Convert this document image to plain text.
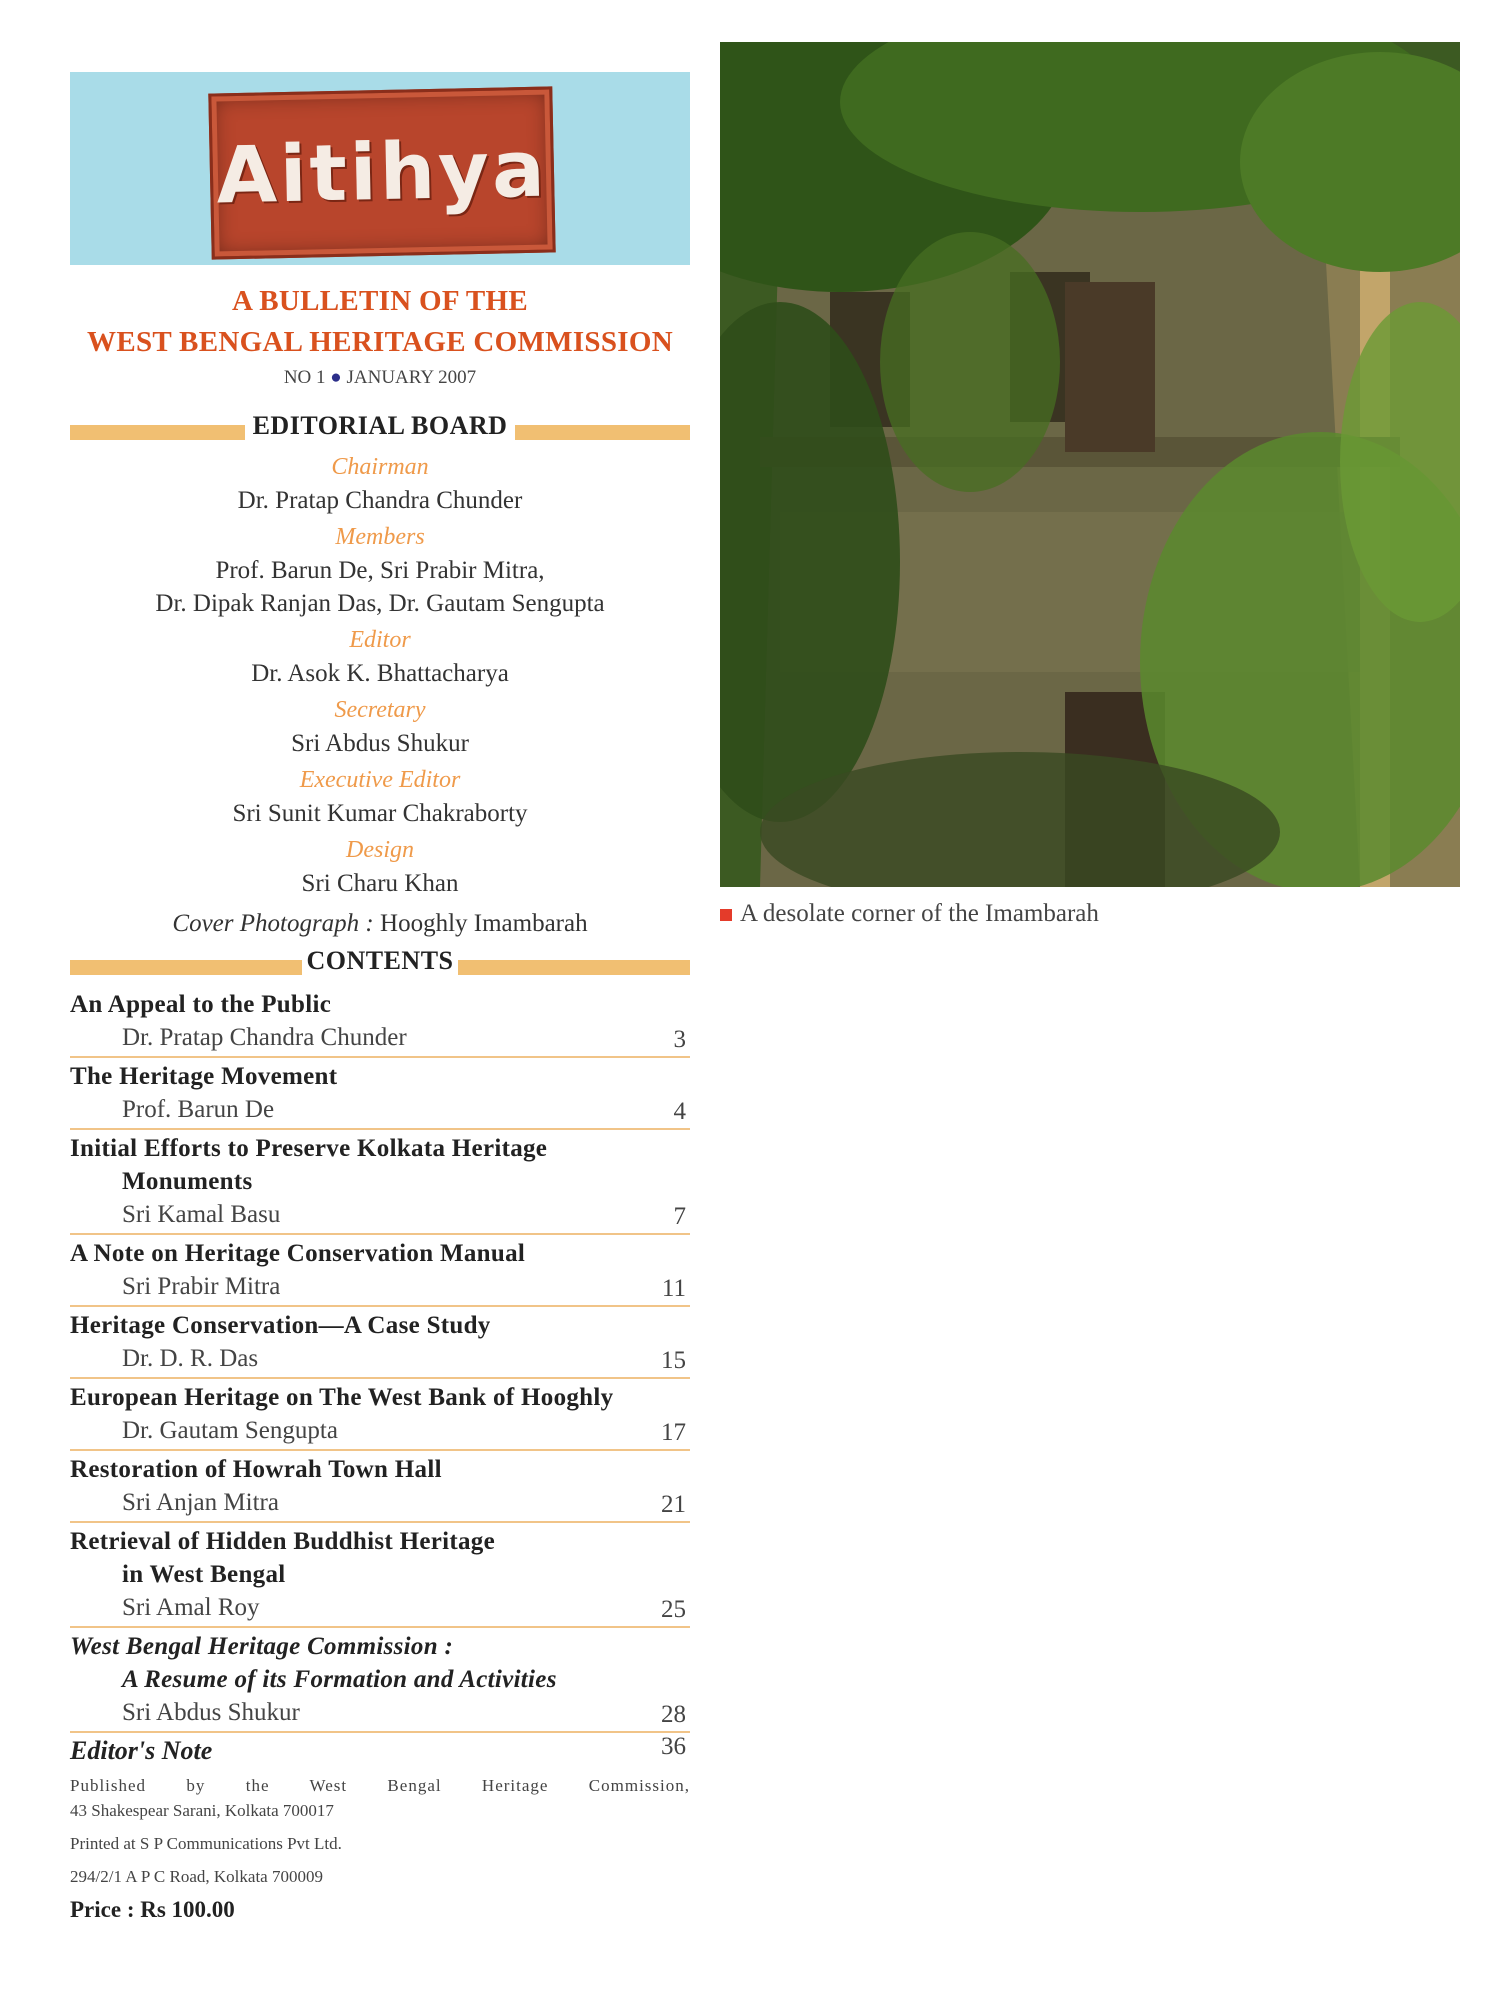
Aitihya
A BULLETIN OF THE
WEST BENGAL HERITAGE COMMISSION
NO 1 ● JANUARY 2007
EDITORIAL BOARD
Chairman
Dr. Pratap Chandra Chunder
Members
Prof. Barun De, Sri Prabir Mitra,
Dr. Dipak Ranjan Das, Dr. Gautam Sengupta
Editor
Dr. Asok K. Bhattacharya
Secretary
Sri Abdus Shukur
Executive Editor
Sri Sunit Kumar Chakraborty
Design
Sri Charu Khan
Cover Photograph : Hooghly Imambarah
CONTENTS
An Appeal to the Public
Dr. Pratap Chandra Chunder	3
The Heritage Movement
Prof. Barun De	4
Initial Efforts to Preserve Kolkata Heritage
Monuments
Sri Kamal Basu	7
A Note on Heritage Conservation Manual
Sri Prabir Mitra	11
Heritage Conservation—A Case Study
Dr. D. R. Das	15
European Heritage on The West Bank of Hooghly
Dr. Gautam Sengupta	17
Restoration of Howrah Town Hall
Sri Anjan Mitra	21
Retrieval of Hidden Buddhist Heritage
in West Bengal
Sri Amal Roy	25
West Bengal Heritage Commission :
A Resume of its Formation and Activities
Sri Abdus Shukur	28
Editor's Note	36

Published by the West Bengal Heritage Commission,

43 Shakespear Sarani, Kolkata 700017

Printed at S P Communications Pvt Ltd.

294/2/1 A P C Road, Kolkata 700009

Price : Rs 100.00
A desolate corner of the Imambarah
